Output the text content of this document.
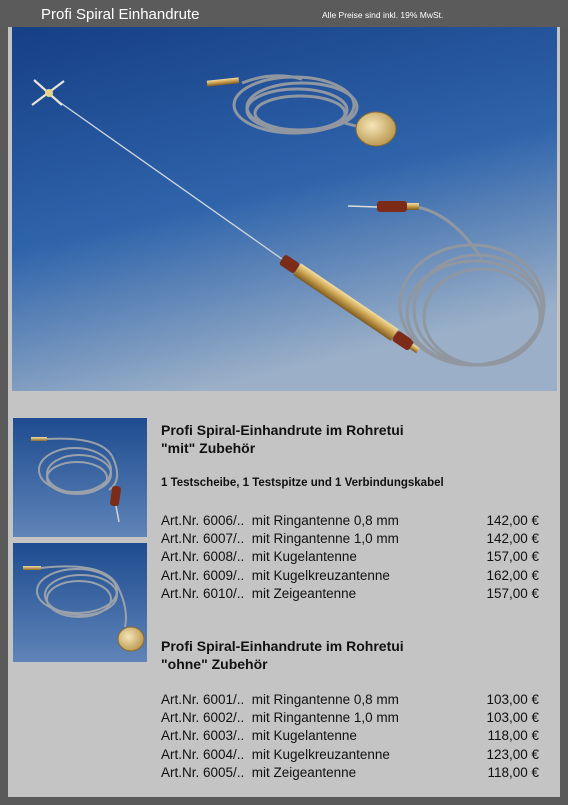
Profi Spiral Einhandrute	Alle Preise sind inkl. 19% MwSt.
Profi Spiral-Einhandrute im Rohretui
"mit" Zubehör
1 Testscheibe, 1 Testspitze und 1 Verbindungskabel
Art.Nr. 6006/..  mit Ringantenne 0,8 mm	142,00 €
Art.Nr. 6007/..  mit Ringantenne 1,0 mm	142,00 €
Art.Nr. 6008/..  mit Kugelantenne	157,00 €
Art.Nr. 6009/..  mit Kugelkreuzantenne	162,00 €
Art.Nr. 6010/..  mit Zeigeantenne	157,00 €
Profi Spiral-Einhandrute im Rohretui
"ohne" Zubehör
Art.Nr. 6001/..  mit Ringantenne 0,8 mm	103,00 €
Art.Nr. 6002/..  mit Ringantenne 1,0 mm	103,00 €
Art.Nr. 6003/..  mit Kugelantenne	118,00 €
Art.Nr. 6004/..  mit Kugelkreuzantenne	123,00 €
Art.Nr. 6005/..  mit Zeigeantenne	118,00 €
